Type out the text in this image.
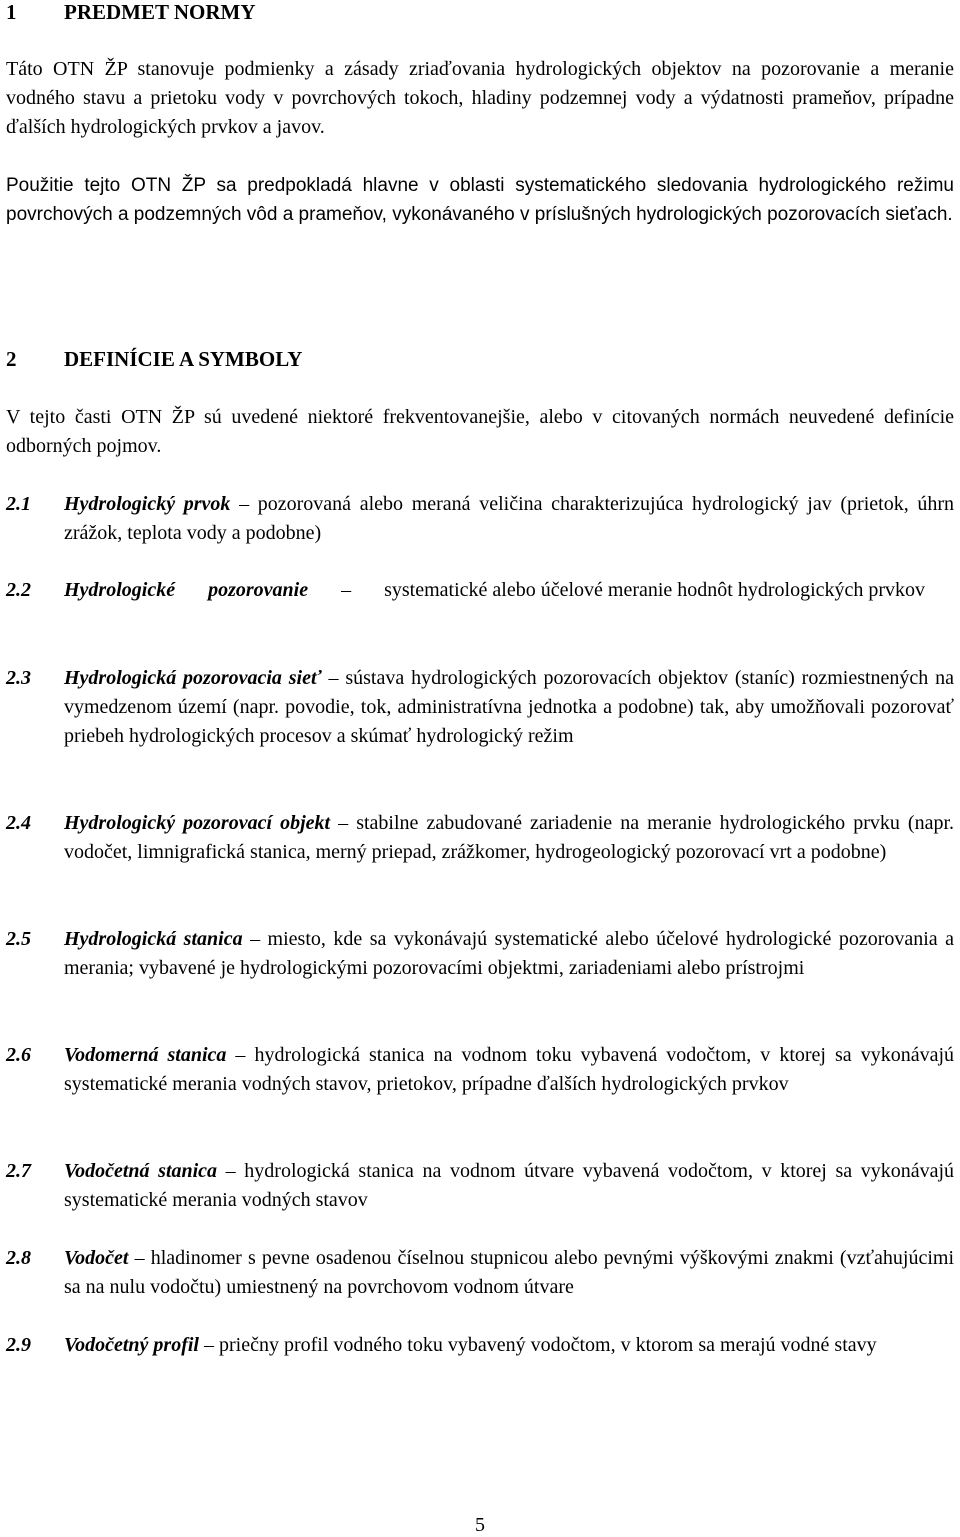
1 PREDMET NORMY
Táto OTN ŽP stanovuje podmienky a zásady zriaďovania hydrologických objektov na pozorovanie a meranie vodného stavu a prietoku vody v povrchových tokoch, hladiny podzemnej vody a výdatnosti prameňov, prípadne ďalších hydrologických prvkov a javov.
Použitie tejto OTN ŽP sa predpokladá hlavne v oblasti systematického sledovania hydrologického režimu povrchových a podzemných vôd a prameňov, vykonávaného v príslušných hydrologických pozorovacích sieťach.
2 DEFINÍCIE A SYMBOLY
V tejto časti OTN ŽP sú uvedené niektoré frekventovanejšie, alebo v citovaných normách neuvedené definície odborných pojmov.
2.1 Hydrologický prvok – pozorovaná alebo meraná veličina charakterizujúca hydrologický jav (prietok, úhrn zrážok, teplota vody a podobne)
2.2 Hydrologické pozorovanie – systematické alebo účelové meranie hodnôt hydrologických prvkov
2.3 Hydrologická pozorovacia sieť – sústava hydrologických pozorovacích objektov (staníc) rozmiestnených na vymedzenom území (napr. povodie, tok, administratívna jednotka a podobne) tak, aby umožňovali pozorovať priebeh hydrologických procesov a skúmať hydrologický režim
2.4 Hydrologický pozorovací objekt – stabilne zabudované zariadenie na meranie hydrologického prvku (napr. vodočet, limnigrafická stanica, merný priepad, zrážkomer, hydrogeologický pozorovací vrt a podobne)
2.5 Hydrologická stanica – miesto, kde sa vykonávajú systematické alebo účelové hydrologické pozorovania a merania; vybavené je hydrologickými pozorovacími objektmi, zariadeniami alebo prístrojmi
2.6 Vodomerná stanica – hydrologická stanica na vodnom toku vybavená vodočtom, v ktorej sa vykonávajú systematické merania vodných stavov, prietokov, prípadne ďalších hydrologických prvkov
2.7 Vodočetná stanica – hydrologická stanica na vodnom útvare vybavená vodočtom, v ktorej sa vykonávajú systematické merania vodných stavov
2.8 Vodočet – hladinomer s pevne osadenou číselnou stupnicou alebo pevnými výškovými znakmi (vzťahujúcimi sa na nulu vodočtu) umiestnený na povrchovom vodnom útvare
2.9 Vodočetný profil – priečny profil vodného toku vybavený vodočtom, v ktorom sa merajú vodné stavy
5
